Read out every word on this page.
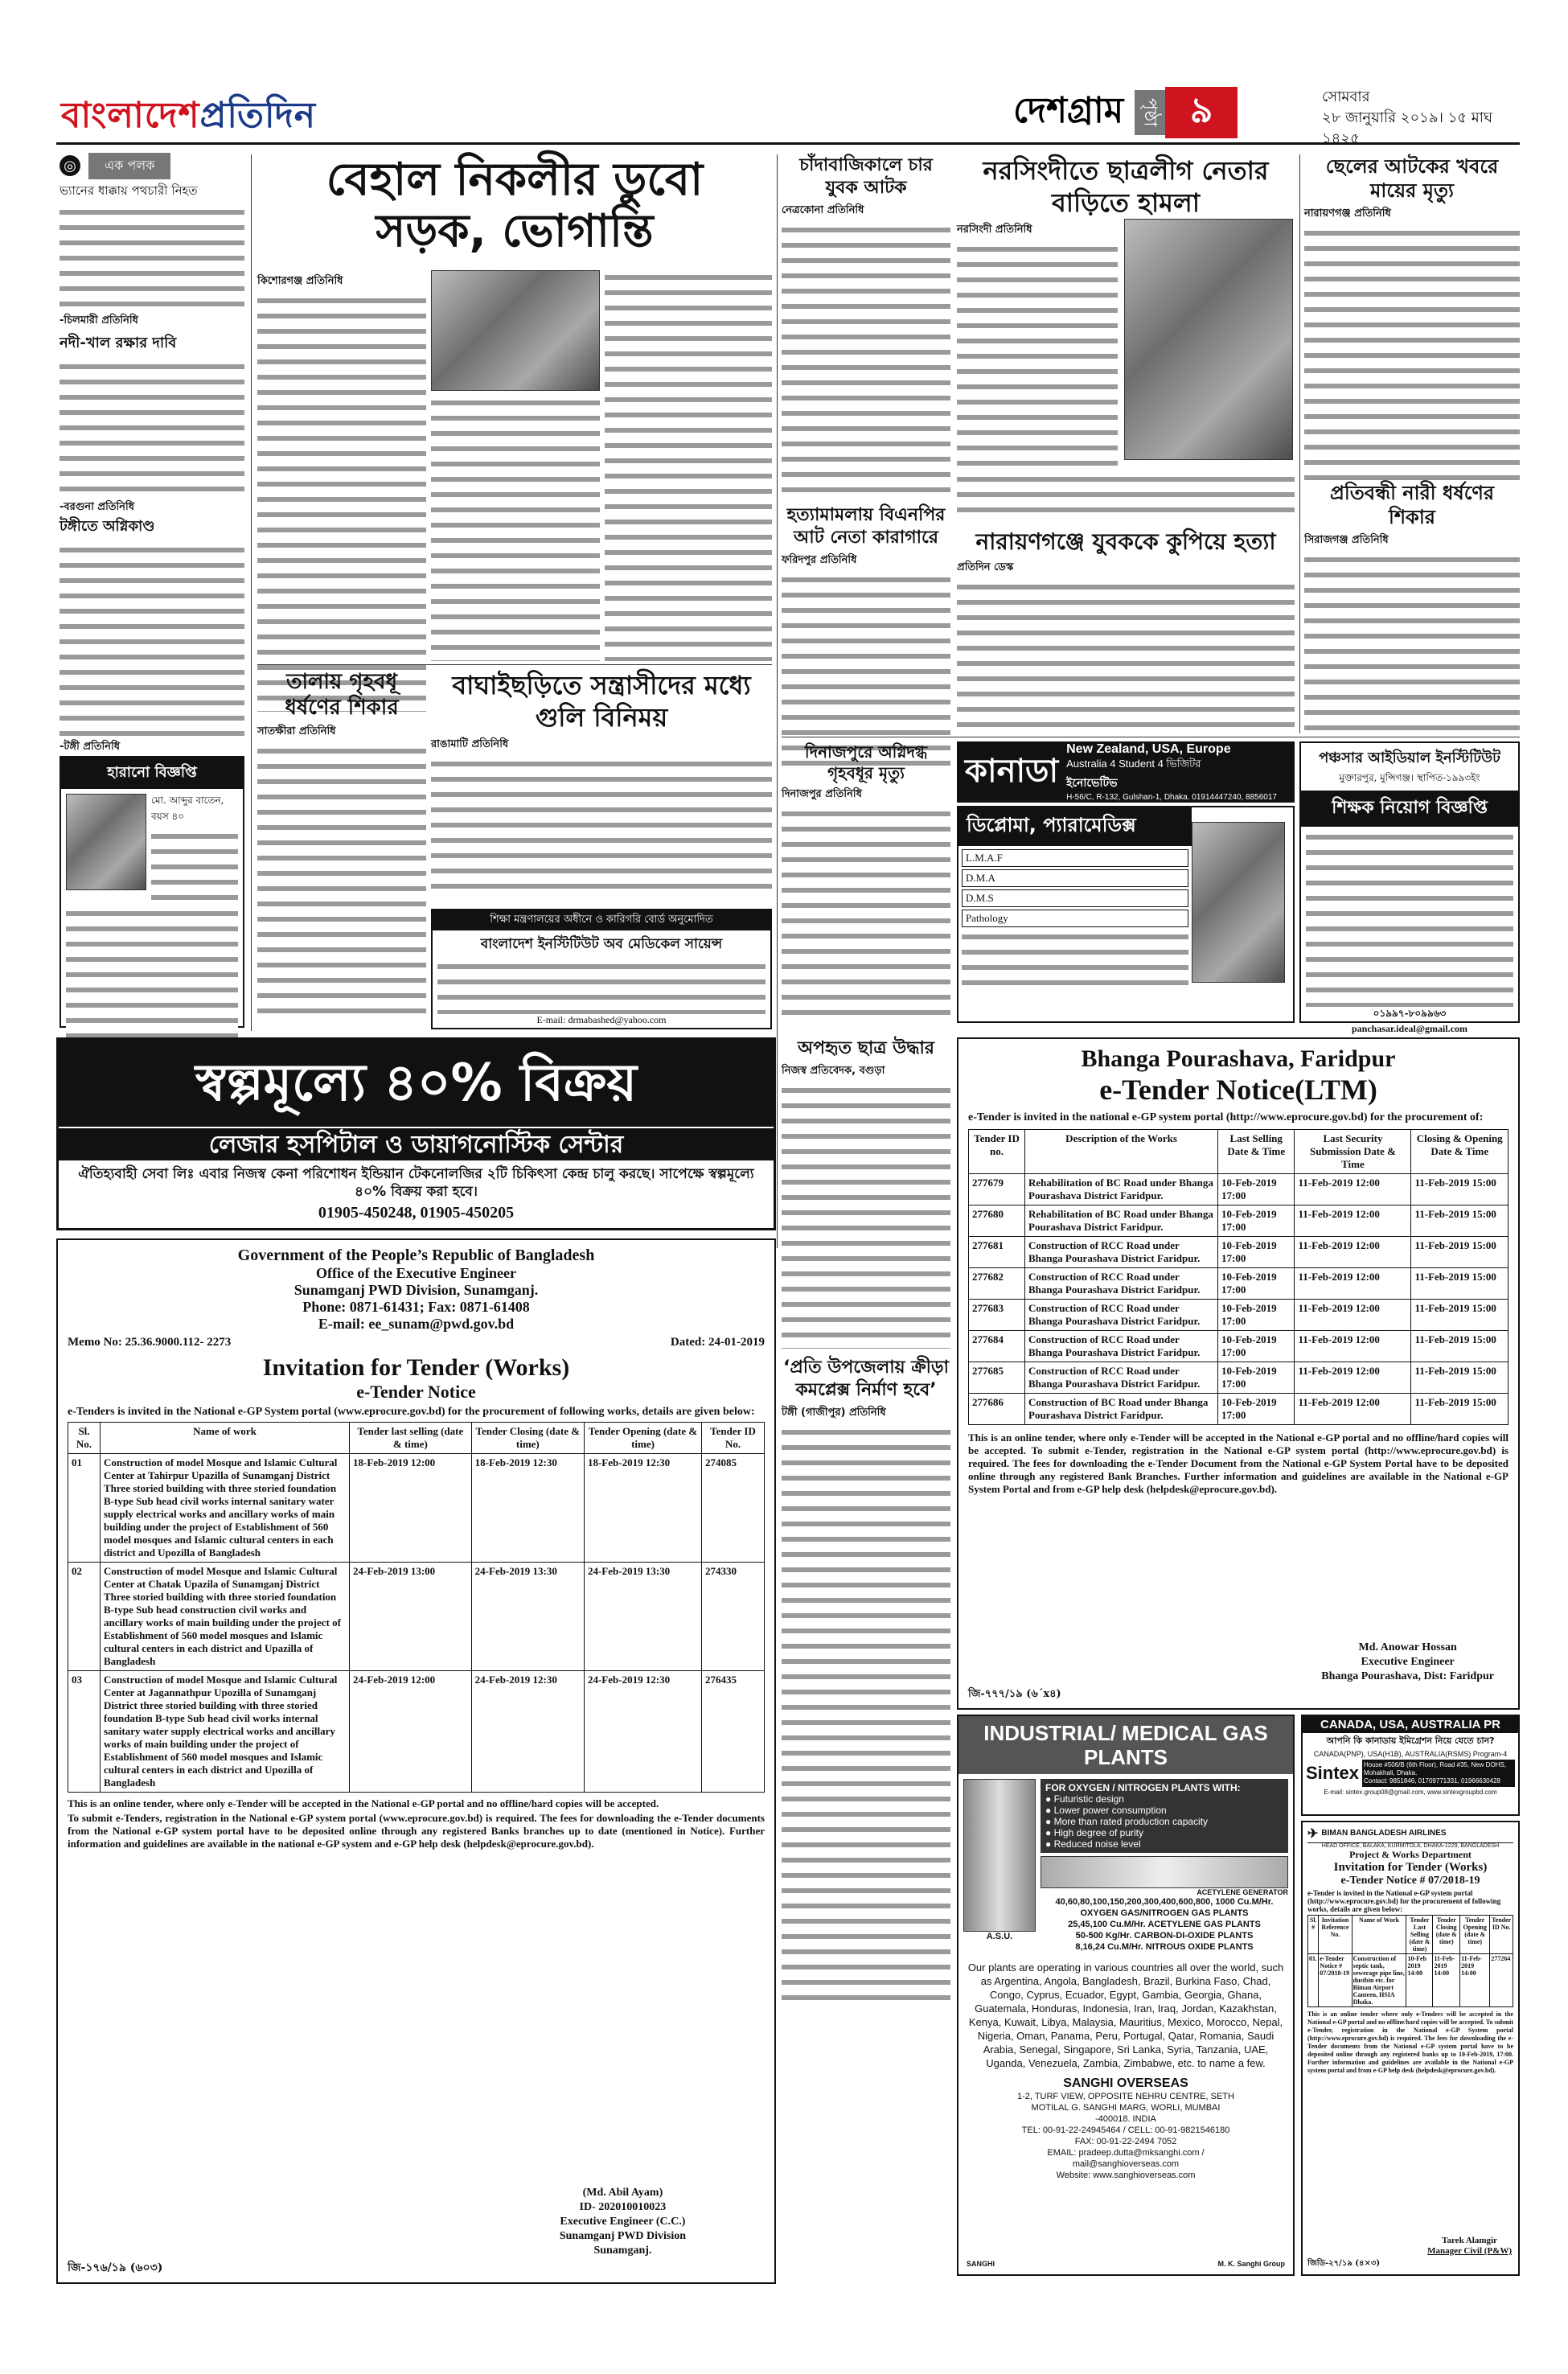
বাংলাদেশপ্রতিদিন	দেশগ্রাম পৃষ্ঠা ৯	সোমবার
২৮ জানুয়ারি ২০১৯। ১৫ মাঘ ১৪২৫
◎	এক পলক
ভ্যানের ধাক্কায় পথচারী নিহত
-চিলমারী প্রতিনিধি
নদী-খাল রক্ষার দাবি
-বরগুনা প্রতিনিধি
টঙ্গীতে অগ্নিকাণ্ড
-টঙ্গী প্রতিনিধি
হারানো বিজ্ঞপ্তি
মো. আব্দুর বাতেন, বয়স ৪০
বেহাল নিকলীর ডুবো
সড়ক, ভোগান্তি
কিশোরগঞ্জ প্রতিনিধি
তালায় গৃহবধূ ধর্ষণের শিকার
সাতক্ষীরা প্রতিনিধি
বাঘাইছড়িতে সন্ত্রাসীদের মধ্যে গুলি বিনিময়
রাঙামাটি প্রতিনিধি
শিক্ষা মন্ত্রণালয়ের অধীনে ও কারিগরি বোর্ড অনুমোদিত
বাংলাদেশ ইনস্টিটিউট অব মেডিকেল সায়েন্স
E-mail: drmabashed@yahoo.com
চাঁদাবাজিকালে চার যুবক আটক
নেত্রকোনা প্রতিনিধি
হত্যামামলায় বিএনপির আট নেতা কারাগারে
ফরিদপুর প্রতিনিধি
নরসিংদীতে ছাত্রলীগ নেতার বাড়িতে হামলা
নরসিংদী প্রতিনিধি
নারায়ণগঞ্জে যুবককে কুপিয়ে হত্যা
প্রতিদিন ডেস্ক
ছেলের আটকের খবরে মায়ের মৃত্যু
নারায়ণগঞ্জ প্রতিনিধি
প্রতিবন্ধী নারী ধর্ষণের শিকার
সিরাজগঞ্জ প্রতিনিধি
দিনাজপুরে অগ্নিদগ্ধ গৃহবধূর মৃত্যু
দিনাজপুর প্রতিনিধি
কানাডা
New Zealand, USA, Europe
Australia 4 Student 4 ভিজিটর
ইনোভেটিভ
H-56/C, R-132, Gulshan-1, Dhaka. 01914447240, 8856017
ডিপ্লোমা, প্যারামেডিক্স
L.M.A.F
D.M.A
D.M.S
Pathology
পঞ্চসার আইডিয়াল ইনস্টিটিউট
মুক্তারপুর, মুন্সিগঞ্জ। স্থাপিত-১৯৯৩ইং
শিক্ষক নিয়োগ বিজ্ঞপ্তি
০১৯৯৭-৮০৯৯৬৩
panchasar.ideal@gmail.com
স্বল্পমূল্যে ৪০% বিক্রয়
লেজার হসপিটাল ও ডায়াগনোস্টিক সেন্টার
ঐতিহ্যবাহী সেবা লিঃ এবার নিজস্ব কেনা পরিশোধন ইন্ডিয়ান টেকনোলজির ২টি চিকিৎসা কেন্দ্র চালু করছে। সাপেক্ষে স্বল্পমূল্যে ৪০% বিক্রয় করা হবে।
01905-450248, 01905-450205
অপহৃত ছাত্র উদ্ধার
নিজস্ব প্রতিবেদক, বগুড়া
‘প্রতি উপজেলায় ক্রীড়া কমপ্লেক্স নির্মাণ হবে’
টঙ্গী (গাজীপুর) প্রতিনিধি
Government of the People’s Republic of Bangladesh
Office of the Executive Engineer
Sunamganj PWD Division, Sunamganj.
Phone: 0871-61431; Fax: 0871-61408
E-mail: ee_sunam@pwd.gov.bd
Memo No: 25.36.9000.112- 2273	Dated: 24-01-2019
Invitation for Tender (Works)
e-Tender Notice
e-Tenders is invited in the National e-GP System portal (www.eprocure.gov.bd) for the procurement of following works, details are given below:
Sl. No.	Name of work	Tender last selling (date & time)	Tender Closing (date & time)	Tender Opening (date & time)	Tender ID No.
01	Construction of model Mosque and Islamic Cultural Center at Tahirpur Upazilla of Sunamganj District Three storied building with three storied foundation B-type Sub head civil works internal sanitary water supply electrical works and ancillary works of main building under the project of Establishment of 560 model mosques and Islamic cultural centers in each district and Upozilla of Bangladesh	18-Feb-2019 12:00	18-Feb-2019 12:30	18-Feb-2019 12:30	274085
02	Construction of model Mosque and Islamic Cultural Center at Chatak Upazila of Sunamganj District Three storied building with three storied foundation B-type Sub head construction civil works and ancillary works of main building under the project of Establishment of 560 model mosques and Islamic cultural centers in each district and Upazilla of Bangladesh	24-Feb-2019 13:00	24-Feb-2019 13:30	24-Feb-2019 13:30	274330
03	Construction of model Mosque and Islamic Cultural Center at Jagannathpur Upozilla of Sunamganj District three storied building with three storied foundation B-type Sub head civil works internal sanitary water supply electrical works and ancillary works of main building under the project of Establishment of 560 model mosques and Islamic cultural centers in each district and Upozilla of Bangladesh	24-Feb-2019 12:00	24-Feb-2019 12:30	24-Feb-2019 12:30	276435
This is an online tender, where only e-Tender will be accepted in the National e-GP portal and no offline/hard copies will be accepted.
To submit e-Tenders, registration in the National e-GP system portal (www.eprocure.gov.bd) is required. The fees for downloading the e-Tender documents from the National e-GP system portal have to be deposited online through any registered Banks branches up to date (mentioned in Notice). Further information and guidelines are available in the national e-GP system and e-GP help desk (helpdesk@eprocure.gov.bd).
(Md. Abil Ayam)
ID- 202010010023
Executive Engineer (C.C.)
Sunamganj PWD Division
Sunamganj.
জি-১৭৬/১৯ (৬০৩)
Bhanga Pourashava, Faridpur
e-Tender Notice(LTM)
e-Tender is invited in the national e-GP system portal (http://www.eprocure.gov.bd) for the procurement of:
Tender ID no.	Description of the Works	Last Selling Date & Time	Last Security Submission Date & Time	Closing & Opening Date & Time
277679	Rehabilitation of BC Road under Bhanga Pourashava District Faridpur.	10-Feb-2019 17:00	11-Feb-2019 12:00	11-Feb-2019 15:00
277680	Rehabilitation of BC Road under Bhanga Pourashava District Faridpur.	10-Feb-2019 17:00	11-Feb-2019 12:00	11-Feb-2019 15:00
277681	Construction of RCC Road under Bhanga Pourashava District Faridpur.	10-Feb-2019 17:00	11-Feb-2019 12:00	11-Feb-2019 15:00
277682	Construction of RCC Road under Bhanga Pourashava District Faridpur.	10-Feb-2019 17:00	11-Feb-2019 12:00	11-Feb-2019 15:00
277683	Construction of RCC Road under Bhanga Pourashava District Faridpur.	10-Feb-2019 17:00	11-Feb-2019 12:00	11-Feb-2019 15:00
277684	Construction of RCC Road under Bhanga Pourashava District Faridpur.	10-Feb-2019 17:00	11-Feb-2019 12:00	11-Feb-2019 15:00
277685	Construction of RCC Road under Bhanga Pourashava District Faridpur.	10-Feb-2019 17:00	11-Feb-2019 12:00	11-Feb-2019 15:00
277686	Construction of BC Road under Bhanga Pourashava District Faridpur.	10-Feb-2019 17:00	11-Feb-2019 12:00	11-Feb-2019 15:00
This is an online tender, where only e-Tender will be accepted in the National e-GP portal and no offline/hard copies will be accepted. To submit e-Tender, registration in the National e-GP system portal (http://www.eprocure.gov.bd) is required. The fees for downloading the e-Tender Document from the National e-GP System Portal have to be deposited online through any registered Bank Branches. Further information and guidelines are available in the National e-GP System Portal and from e-GP help desk (helpdesk@eprocure.gov.bd).
Md. Anowar Hossan
Executive Engineer
Bhanga Pourashava, Dist: Faridpur
জি-৭৭৭/১৯ (৬´x৪)
INDUSTRIAL/ MEDICAL GAS PLANTS
A.S.U.
FOR OXYGEN / NITROGEN PLANTS WITH:
● Futuristic design
● Lower power consumption
● More than rated production capacity
● High degree of purity
● Reduced noise level
ACETYLENE GENERATOR
40,60,80,100,150,200,300,400,600,800, 1000 Cu.M/Hr. OXYGEN GAS/NITROGEN GAS PLANTS
25,45,100 Cu.M/Hr. ACETYLENE GAS PLANTS
50-500 Kg/Hr. CARBON-DI-OXIDE PLANTS
8,16,24 Cu.M/Hr. NITROUS OXIDE PLANTS
Our plants are operating in various countries all over the world, such as Argentina, Angola, Bangladesh, Brazil, Burkina Faso, Chad, Congo, Cyprus, Ecuador, Egypt, Gambia, Georgia, Ghana, Guatemala, Honduras, Indonesia, Iran, Iraq, Jordan, Kazakhstan, Kenya, Kuwait, Libya, Malaysia, Mauritius, Mexico, Morocco, Nepal, Nigeria, Oman, Panama, Peru, Portugal, Qatar, Romania, Saudi Arabia, Senegal, Singapore, Sri Lanka, Syria, Tanzania, UAE, Uganda, Venezuela, Zambia, Zimbabwe, etc. to name a few.
SANGHI OVERSEAS
1-2, TURF VIEW, OPPOSITE NEHRU CENTRE, SETH MOTILAL G. SANGHI MARG, WORLI, MUMBAI -400018. INDIA
TEL: 00-91-22-24945464 / CELL: 00-91-9821546180
FAX: 00-91-22-2494 7052
EMAIL: pradeep.dutta@mksanghi.com / mail@sanghioverseas.com
Website: www.sanghioverseas.com
SANGHI	M. K. Sanghi Group
CANADA, USA, AUSTRALIA PR
আপনি কি কানাডায় ইমিগ্রেশন নিয়ে যেতে চান?
CANADA(PNP), USA(H1B), AUSTRALIA(RSMS) Program-4
Sintex House #506/B (6th Floor), Road #35, New DOHS, Mohakhali, Dhaka.
Contact: 9851846, 01709771331, 01966630428
E-mail: sintex.group08@gmail.com, www.sintexgroupbd.com
✈ BIMAN BANGLADESH AIRLINES
HEAD OFFICE, BALAKA, KURMITOLA, DHAKA-1229, BANGLADESH
Project & Works Department
Invitation for Tender (Works)
e-Tender Notice # 07/2018-19
e-Tender is invited in the National e-GP system portal (http://www.eprocure.gov.bd) for the procurement of following works, details are given below:
Sl. #	Invitation Reference No.	Name of Work	Tender Last Selling (date & time)	Tender Closing (date & time)	Tender Opening (date & time)	Tender ID No.
01.	e-Tender Notice # 07/2018-19	Construction of septic tank, sewerage pipe line, dustbin etc. for Biman Airport Canteen, HSIA Dhaka.	10-Feb 2019 14:00	11-Feb-2019 14:00	11-Feb-2019 14:00	277264
This is an online tender where only e-Tenders will be accepted in the National e-GP portal and no offline/hard copies will be accepted. To submit e-Tender, registration in the National e-GP System portal (http://www.eprocure.gov.bd) is required. The fees for downloading the e-Tender documents from the National e-GP system portal have to be deposited online through any registered banks up to 10-Feb-2019, 17:00. Further information and guidelines are available in the National e-GP system portal and from e-GP help desk (helpdesk@eprocure.gov.bd).
Tarek Alamgir
Manager Civil (P&W)
জিডি-২৭/১৯ (৪×৩)
